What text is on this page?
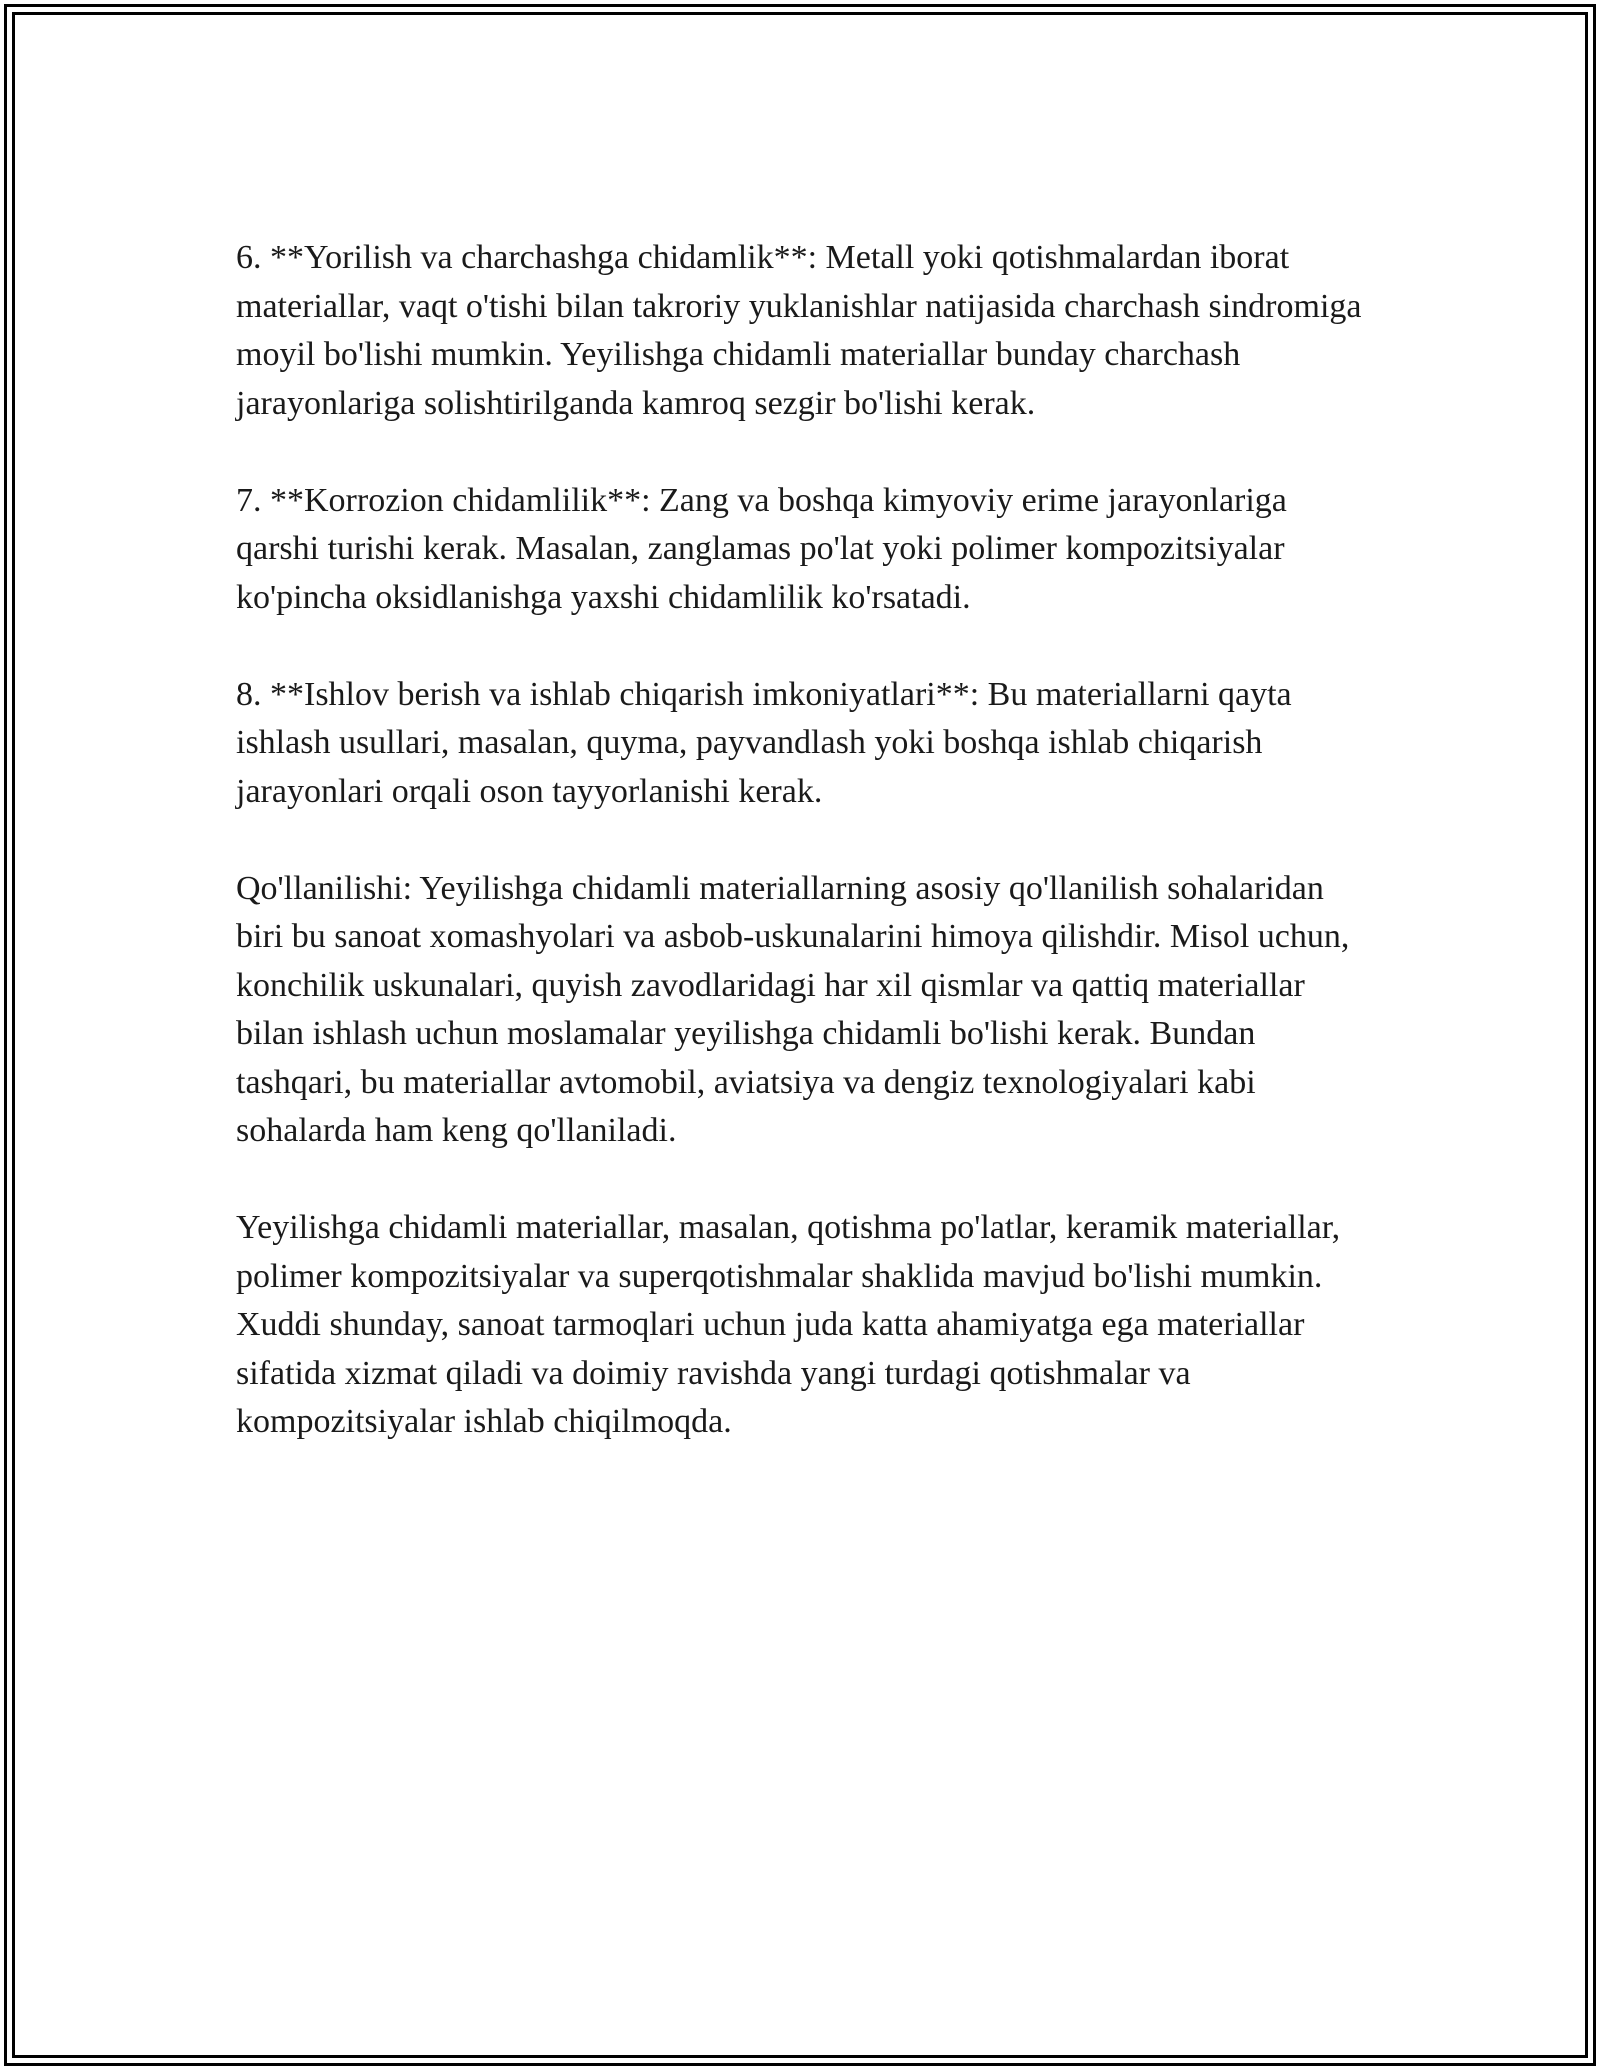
6. **Yorilish va charchashga chidamlik**: Metall yoki qotishmalardan iborat materiallar, vaqt o'tishi bilan takroriy yuklanishlar natijasida charchash sindromiga moyil bo'lishi mumkin. Yeyilishga chidamli materiallar bunday charchash jarayonlariga solishtirilganda kamroq sezgir bo'lishi kerak.

7. **Korrozion chidamlilik**: Zang va boshqa kimyoviy erime jarayonlariga qarshi turishi kerak. Masalan, zanglamas po'lat yoki polimer kompozitsiyalar ko'pincha oksidlanishga yaxshi chidamlilik ko'rsatadi.

8. **Ishlov berish va ishlab chiqarish imkoniyatlari**: Bu materiallarni qayta ishlash usullari, masalan, quyma, payvandlash yoki boshqa ishlab chiqarish jarayonlari orqali oson tayyorlanishi kerak.

Qo'llanilishi: Yeyilishga chidamli materiallarning asosiy qo'llanilish sohalaridan biri bu sanoat xomashyolari va asbob-uskunalarini himoya qilishdir. Misol uchun, konchilik uskunalari, quyish zavodlaridagi har xil qismlar va qattiq materiallar bilan ishlash uchun moslamalar yeyilishga chidamli bo'lishi kerak. Bundan tashqari, bu materiallar avtomobil, aviatsiya va dengiz texnologiyalari kabi sohalarda ham keng qo'llaniladi.

Yeyilishga chidamli materiallar, masalan, qotishma po'latlar, keramik materiallar, polimer kompozitsiyalar va superqotishmalar shaklida mavjud bo'lishi mumkin. Xuddi shunday, sanoat tarmoqlari uchun juda katta ahamiyatga ega materiallar sifatida xizmat qiladi va doimiy ravishda yangi turdagi qotishmalar va kompozitsiyalar ishlab chiqilmoqda.
